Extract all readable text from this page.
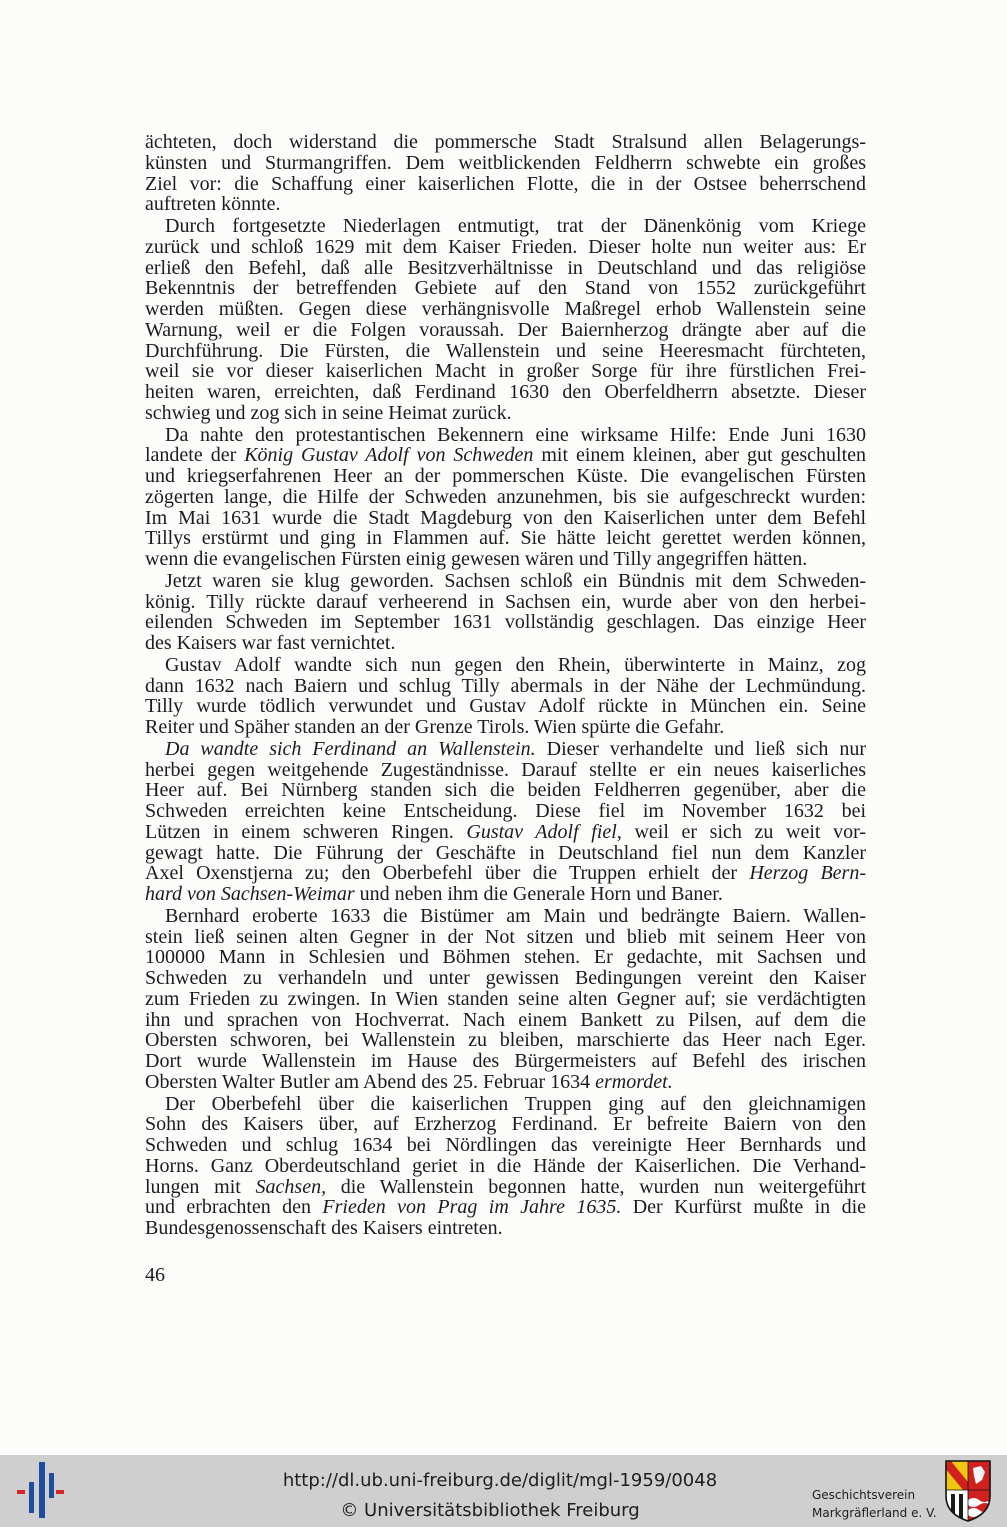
ächteten, doch widerstand die pommersche Stadt Stralsund allen Belagerungs-
künsten und Sturmangriffen. Dem weitblickenden Feldherrn schwebte ein großes
Ziel vor: die Schaffung einer kaiserlichen Flotte, die in der Ostsee beherrschend
auftreten könnte.
Durch fortgesetzte Niederlagen entmutigt, trat der Dänenkönig vom Kriege
zurück und schloß 1629 mit dem Kaiser Frieden. Dieser holte nun weiter aus: Er
erließ den Befehl, daß alle Besitzverhältnisse in Deutschland und das religiöse
Bekenntnis der betreffenden Gebiete auf den Stand von 1552 zurückgeführt
werden müßten. Gegen diese verhängnisvolle Maßregel erhob Wallenstein seine
Warnung, weil er die Folgen voraussah. Der Baiernherzog drängte aber auf die
Durchführung. Die Fürsten, die Wallenstein und seine Heeresmacht fürchteten,
weil sie vor dieser kaiserlichen Macht in großer Sorge für ihre fürstlichen Frei-
heiten waren, erreichten, daß Ferdinand 1630 den Oberfeldherrn absetzte. Dieser
schwieg und zog sich in seine Heimat zurück.
Da nahte den protestantischen Bekennern eine wirksame Hilfe: Ende Juni 1630
landete der König Gustav Adolf von Schweden mit einem kleinen, aber gut geschulten
und kriegserfahrenen Heer an der pommerschen Küste. Die evangelischen Fürsten
zögerten lange, die Hilfe der Schweden anzunehmen, bis sie aufgeschreckt wurden:
Im Mai 1631 wurde die Stadt Magdeburg von den Kaiserlichen unter dem Befehl
Tillys erstürmt und ging in Flammen auf. Sie hätte leicht gerettet werden können,
wenn die evangelischen Fürsten einig gewesen wären und Tilly angegriffen hätten.
Jetzt waren sie klug geworden. Sachsen schloß ein Bündnis mit dem Schweden-
könig. Tilly rückte darauf verheerend in Sachsen ein, wurde aber von den herbei-
eilenden Schweden im September 1631 vollständig geschlagen. Das einzige Heer
des Kaisers war fast vernichtet.
Gustav Adolf wandte sich nun gegen den Rhein, überwinterte in Mainz, zog
dann 1632 nach Baiern und schlug Tilly abermals in der Nähe der Lechmündung.
Tilly wurde tödlich verwundet und Gustav Adolf rückte in München ein. Seine
Reiter und Späher standen an der Grenze Tirols. Wien spürte die Gefahr.
Da wandte sich Ferdinand an Wallenstein. Dieser verhandelte und ließ sich nur
herbei gegen weitgehende Zugeständnisse. Darauf stellte er ein neues kaiserliches
Heer auf. Bei Nürnberg standen sich die beiden Feldherren gegenüber, aber die
Schweden erreichten keine Entscheidung. Diese fiel im November 1632 bei
Lützen in einem schweren Ringen. Gustav Adolf fiel, weil er sich zu weit vor-
gewagt hatte. Die Führung der Geschäfte in Deutschland fiel nun dem Kanzler
Axel Oxenstjerna zu; den Oberbefehl über die Truppen erhielt der Herzog Bern-
hard von Sachsen-Weimar und neben ihm die Generale Horn und Baner.
Bernhard eroberte 1633 die Bistümer am Main und bedrängte Baiern. Wallen-
stein ließ seinen alten Gegner in der Not sitzen und blieb mit seinem Heer von
100000 Mann in Schlesien und Böhmen stehen. Er gedachte, mit Sachsen und
Schweden zu verhandeln und unter gewissen Bedingungen vereint den Kaiser
zum Frieden zu zwingen. In Wien standen seine alten Gegner auf; sie verdächtigten
ihn und sprachen von Hochverrat. Nach einem Bankett zu Pilsen, auf dem die
Obersten schworen, bei Wallenstein zu bleiben, marschierte das Heer nach Eger.
Dort wurde Wallenstein im Hause des Bürgermeisters auf Befehl des irischen
Obersten Walter Butler am Abend des 25. Februar 1634 ermordet.
Der Oberbefehl über die kaiserlichen Truppen ging auf den gleichnamigen
Sohn des Kaisers über, auf Erzherzog Ferdinand. Er befreite Baiern von den
Schweden und schlug 1634 bei Nördlingen das vereinigte Heer Bernhards und
Horns. Ganz Oberdeutschland geriet in die Hände der Kaiserlichen. Die Verhand-
lungen mit Sachsen, die Wallenstein begonnen hatte, wurden nun weitergeführt
und erbrachten den Frieden von Prag im Jahre 1635. Der Kurfürst mußte in die
Bundesgenossenschaft des Kaisers eintreten.
46
http://dl.ub.uni-freiburg.de/diglit/mgl-1959/0048
© Universitätsbibliothek Freiburg
Geschichtsverein
Markgräflerland e. V.
